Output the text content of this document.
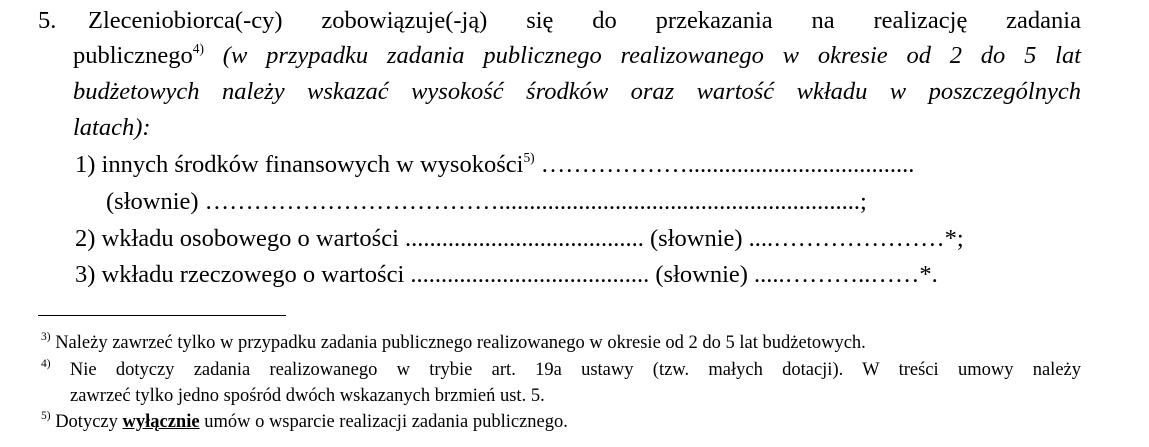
5. Zleceniobiorca(-cy) zobowiązuje(-ją) się do przekazania na realizację zadania
publicznego$^{4)}$ (w przypadku zadania publicznego realizowanego w okresie od 2 do 5 lat
budżetowych należy wskazać wysokość środków oraz wartość wkładu w poszczególnych
latach):
1) innych środków finansowych w wysokości$^{5)}$ ……………….....................................
(słownie) ………………………………...........................................................;
2) wkładu osobowego o wartości ....................................... (słownie) ....…………………*;
3) wkładu rzeczowego o wartości ....................................... (słownie) .....………..……*.
$^{3)}$ Należy zawrzeć tylko w przypadku zadania publicznego realizowanego w okresie od 2 do 5 lat budżetowych.
$^{4)}$ Nie dotyczy zadania realizowanego w trybie art. 19a ustawy (tzw. małych dotacji). W treści umowy należy
zawrzeć tylko jedno spośród dwóch wskazanych brzmień ust. 5.
$^{5)}$ Dotyczy wyłącznie umów o wsparcie realizacji zadania publicznego.
